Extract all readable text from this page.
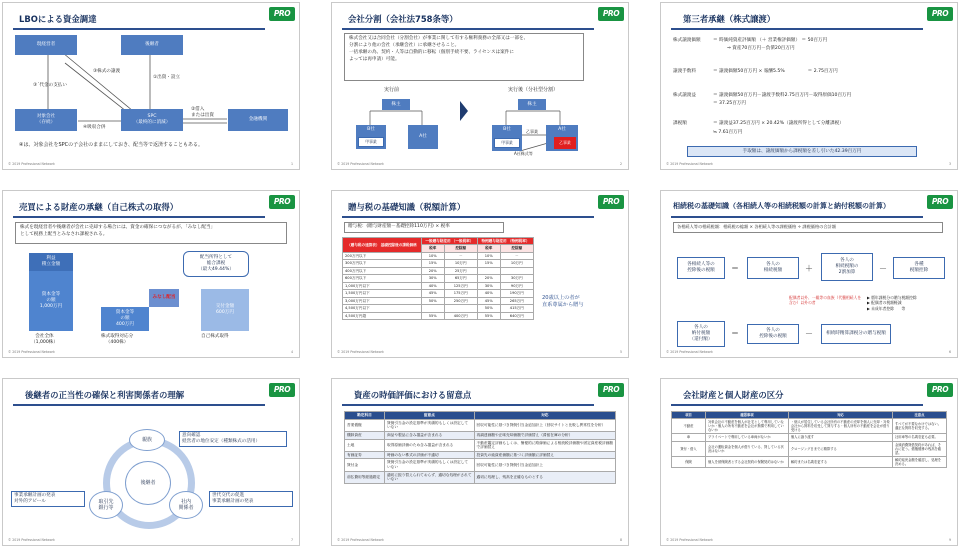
LBOによる資金調達
PRO
現経営者	後継者
対象会社
（存続）
SPC
（最終的に消滅）
金融機関
①出資・設立
②借入
または出資
③株式の譲渡
③´代金の支払い
④吸収合併
④は、対象会社をSPCの子会社のままにしておき、配当等で返済することもある。
© 2019 Professional Network	1
会社分割（会社法758条等）
PRO
株式会社又は合同会社（分割会社）が事業に関して有する権利義務の全部又は一部を、
分割により他の会社（承継会社）に承継させること。
一括承継の為、契約・人等は自動的に移転（個別手続不要、ライセンスは案件に
よっては再申請）可能。
実行前	実行後（分社型分割）
株主
B社
甲事業
A社
株主
B社
甲事業
A社
乙事業
乙事業
A社株式等
© 2019 Professional Network	2
第三者承継（株式譲渡）
PRO
株式譲渡価額	＝ 時価純資産評価額 （＋ 営業権評価額） ＝ 50百万円
⇒ 資産70百万円－負債20百万円
譲渡手数料	＝ 譲渡価額50百万円 × 報酬5.5%　　　　　＝ 2.75百万円
株式譲渡益	＝ 譲渡価額50百万円－譲渡手数料2.75百万円－取得原価10百万円
＝ 37.25百万円
課税額	＝ 譲渡益37.25百万円 × 20.42%（譲渡所得として分離課税）
≒ 7.61百万円
手取額は、譲渡価額から課税額を差し引いた42.39百万円
© 2019 Professional Network	3
売買による財産の承継（自己株式の取得）
PRO
株式を現経営者や後継者が会社に売却する場合には、資金の確保につながるが、「みなし配当」
として税務上配当とみなされ課税される。
利益
積立金額
資本金等
の額
1,000万円
資本金等
の額
400万円
みなし配当
交付金額
600万円
配当所得として
総合課税
（最大49.44%）
会社全体
（1,000株）
株式取得対応分
（400株）
自己株式取得
© 2019 Professional Network	4
贈与税の基礎知識（税額計算）
PRO
贈与税：(贈与財産額－基礎控除110万円) × 税率
（贈与税の速算表） 基礎控除後の課税価格	一般贈与財産用 （一般税率）		特例贈与財産用 （特例税率）	
	税率	控除額	税率	控除額
200万円以下	10%	－	10%	－
300万円以下	15%	10万円	15%	10万円
400万円以下	20%	25万円		
600万円以下	30%	65万円	20%	30万円
1,000万円以下	40%	125万円	30%	90万円
1,500万円以下	45%	175万円	40%	190万円
3,000万円以下	50%	250万円	45%	265万円
4,500万円以下			50%	415万円
4,500万円超	55%	400万円	55%	640万円
20歳以上の者が
直系尊属から贈与
© 2019 Professional Network	5
相続税の基礎知識（各相続人等の相続税額の計算と納付税額の計算）	PRO
各相続人等の相続税額：相続税の総額 × 各相続人等の課税価格 ÷ 課税価格の合計額
各相続人等の
控除後の税額	＝	各人の
相続税額	＋
各人の
相続税額の
2割加算	－	各種
税額控除
配偶者以外、一親等の血族（代襲相続人を含む）以外の者
▶ 暦年課税分の贈与税額控除
▶ 配偶者の税額軽減
▶ 未成年者控除　　等
各人の
納付税額
（還付額）
＝	各人の
控除後の税額	－	相続時精算課税分の贈与税額
© 2019 Professional Network	6
後継者の正当性の確保と利害関係者の理解
PRO
後継者
親族
取引先
銀行等
社内
関係者
意向確認
経営者の地位安定（種類株式の活用）
事業承継計画の発表
対外的アピール
世代交代の促進
事業承継計画の発表
© 2019 Professional Network	7
資産の時価評価における留意点
PRO
勘定科目	留意点	対応
営業債権	貸倒引当金の設定基準が実績的もしくは設定していない	回収可能性に基づき貸倒引当金追加計上（回収サイトと比較し異常性を分析）
棚卸資産	商品や製品に含み損益が含まれる	再調達価額や正味売却価額で評価替え（滞留在庫の分析）
土地	取得原価評価のため含み損益が含まれる	不動産鑑定評価もしくは、簡便的に路線価による相続税評価額や固定資産税評価額で評価替え
有価証券	時価のない株式の評価が不適切	投資先の純資産価額に基づく評価額に評価替え
貸付金	貸倒引当金の設定基準が実績的もしくは設定していない	回収可能性に基づき貸倒引当金追加計上
前払費用等経過勘定	適切に振り替えられておらず、適切な処理がされていない	適切に処理し、残高を正確なものとする
© 2019 Professional Network	8
会社財産と個人財産の区分
PRO
項目	確認事項	対応	注意点
不動産	対象会社の不動産を個人が社宅として利用していないか・個人の所有不動産を会社が無償で利用していないか	・個人が居住している会社所有の不動産の売却を個人に売却・対象会社から賃料を収受して貸与する・個人所有の不動産を会社が借り受ける	すべてが不要なわけではない。適正な賃料を収受する。
車	プライベートで利用している車両がないか	個人に譲り渡す	社用車等の名義変更も必要。
貸付・借入	会社の運転資金を個人が借りている、貸している状況はないか	クロージング日までに精算する	金銭消費貸借契約があれば、それに従う。債権債務の残高を確認。
保険	個人を被保険者とする会社契約の保険契約はないか	解約または名義変更する	解約返戻金額を確認し、処理を決める。
© 2019 Professional Network	9
